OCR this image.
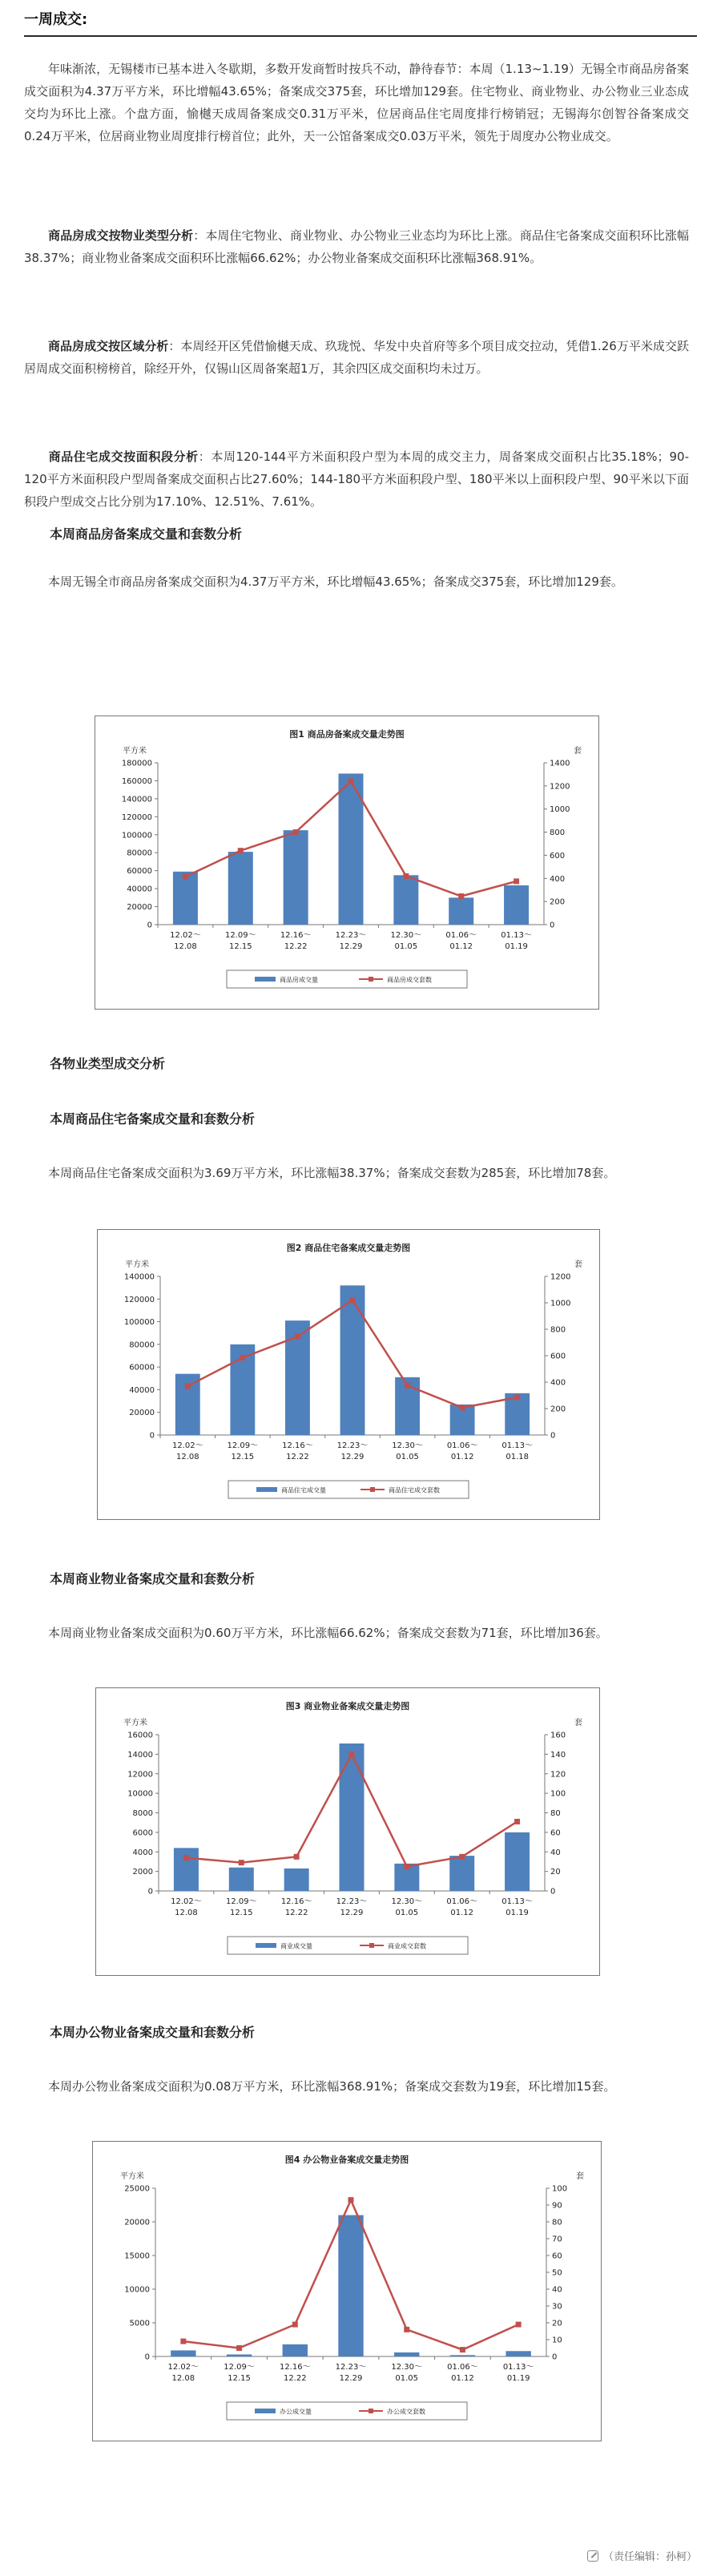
一周成交:

年味渐浓，无锡楼市已基本进入冬歇期，多数开发商暂时按兵不动，静待春节：本周（1.13~1.19）无锡全市商品房备案成交面积为4.37万平方米，环比增幅43.65%；备案成交375套，环比增加129套。住宅物业、商业物业、办公物业三业态成交均为环比上涨。个盘方面，愉樾天成周备案成交0.31万平米，位居商品住宅周度排行榜销冠；无锡海尔创智谷备案成交0.24万平米，位居商业物业周度排行榜首位；此外，天一公馆备案成交0.03万平米，领先于周度办公物业成交。

商品房成交按物业类型分析：本周住宅物业、商业物业、办公物业三业态均为环比上涨。商品住宅备案成交面积环比涨幅38.37%；商业物业备案成交面积环比涨幅66.62%；办公物业备案成交面积环比涨幅368.91%。

商品房成交按区域分析：本周经开区凭借愉樾天成、玖珑悦、华发中央首府等多个项目成交拉动，凭借1.26万平米成交跃居周成交面积榜榜首，除经开外，仅锡山区周备案超1万，其余四区成交面积均未过万。

商品住宅成交按面积段分析：本周120-144平方米面积段户型为本周的成交主力，周备案成交面积占比35.18%；90-120平方米面积段户型周备案成交面积占比27.60%；144-180平方米面积段户型、180平米以上面积段户型、90平米以下面积段户型成交占比分别为17.10%、12.51%、7.61%。

本周商品房备案成交量和套数分析

本周无锡全市商品房备案成交面积为4.37万平方米，环比增幅43.65%；备案成交375套，环比增加129套。

图1 商品房备案成交量走势图
平方米	套
0
20000
40000
60000
80000
100000
120000
140000
160000
180000
0
200
400
600
800
1000
1200
1400
12.02～
12.08
12.09～
12.15
12.16～
12.22
12.23～
12.29
12.30～
01.05
01.06～
01.12
01.13～
01.19
商品房成交量	商品房成交套数
各物业类型成交分析
本周商品住宅备案成交量和套数分析

本周商品住宅备案成交面积为3.69万平方米，环比涨幅38.37%；备案成交套数为285套，环比增加78套。

图2 商品住宅备案成交量走势图
平方米	套
0
20000
40000
60000
80000
100000
120000
140000
0
200
400
600
800
1000
1200
12.02～
12.08
12.09～
12.15
12.16～
12.22
12.23～
12.29
12.30～
01.05
01.06～
01.12
01.13～
01.18
商品住宅成交量	商品住宅成交套数
本周商业物业备案成交量和套数分析

本周商业物业备案成交面积为0.60万平方米，环比涨幅66.62%；备案成交套数为71套，环比增加36套。

图3 商业物业备案成交量走势图
平方米	套
0
2000
4000
6000
8000
10000
12000
14000
16000
0
20
40
60
80
100
120
140
160
12.02～
12.08
12.09～
12.15
12.16～
12.22
12.23～
12.29
12.30～
01.05
01.06～
01.12
01.13～
01.19
商业成交量	商业成交套数
本周办公物业备案成交量和套数分析

本周办公物业备案成交面积为0.08万平方米，环比涨幅368.91%；备案成交套数为19套，环比增加15套。

图4 办公物业备案成交量走势图
平方米	套
0
5000
10000
15000
20000
25000
0
10
20
30
40
50
60
70
80
90
100
12.02～
12.08
12.09～
12.15
12.16～
12.22
12.23～
12.29
12.30～
01.05
01.06～
01.12
01.13～
01.19
办公成交量	办公成交套数
（责任编辑：孙柯）
